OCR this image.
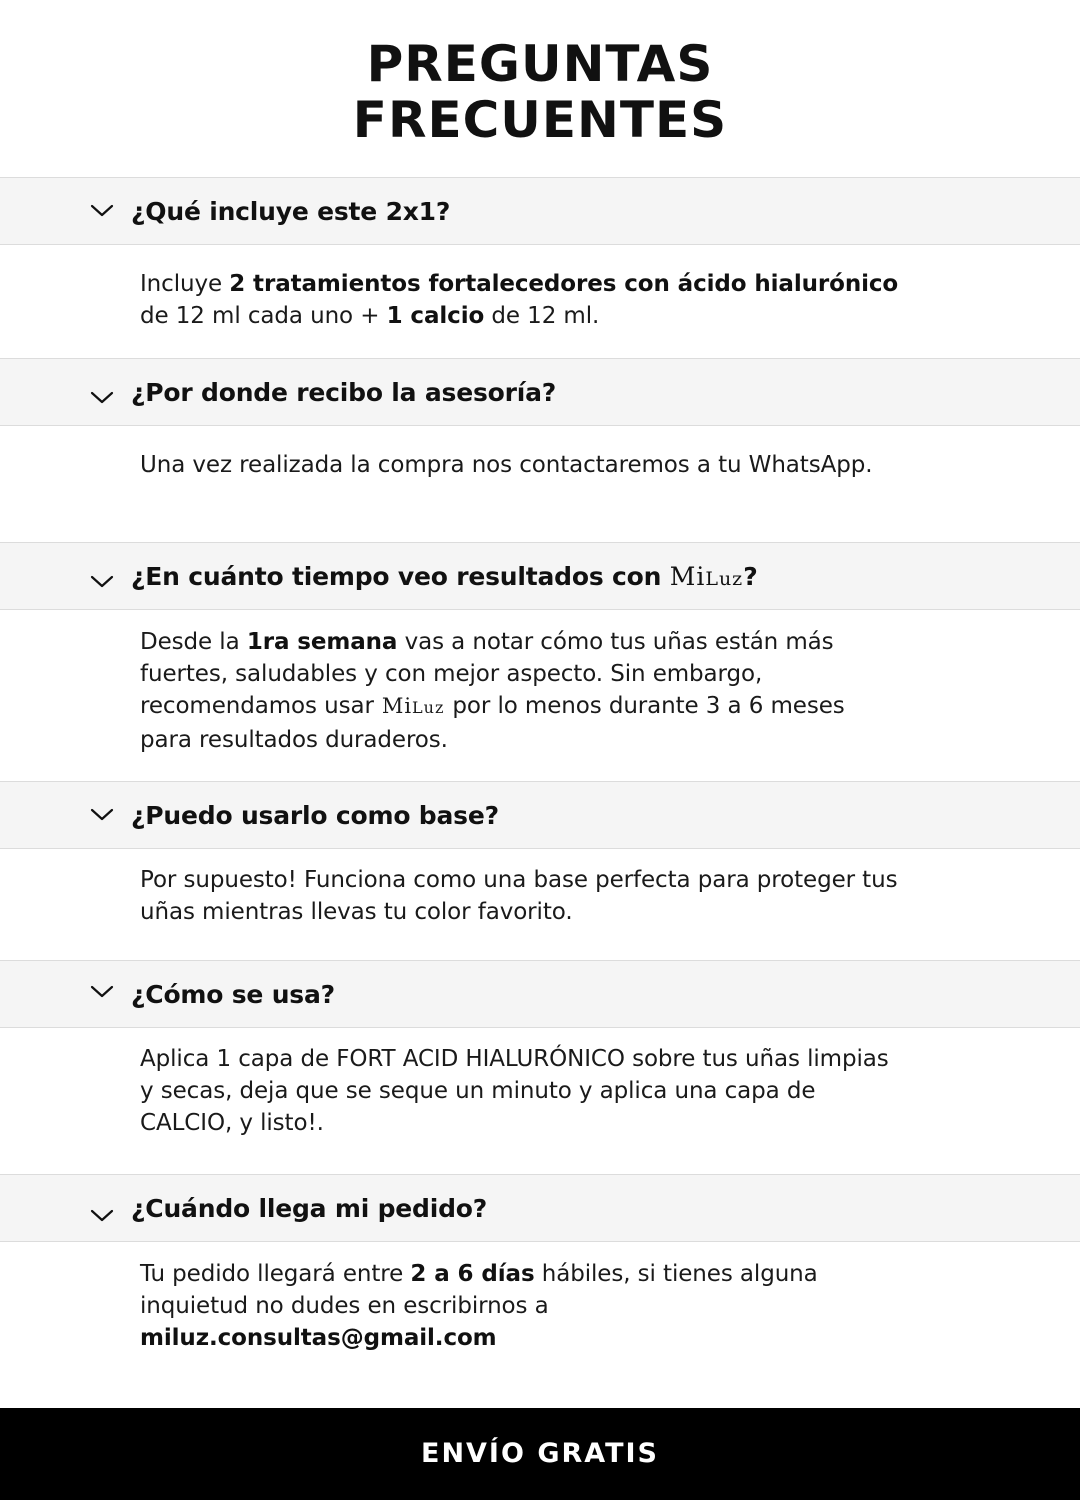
PREGUNTAS
FRECUENTES
¿Qué incluye este 2x1?
Incluye 2 tratamientos fortalecedores con ácido hialurónico de 12 ml cada uno + 1 calcio de 12 ml.
¿Por donde recibo la asesoría?
Una vez realizada la compra nos contactaremos a tu WhatsApp.
¿En cuánto tiempo veo resultados con MiLuz?
Desde la 1ra semana vas a notar cómo tus uñas están más fuertes, saludables y con mejor aspecto. Sin embargo, recomendamos usar MiLuz por lo menos durante 3 a 6 meses para resultados duraderos.
¿Puedo usarlo como base?
Por supuesto! Funciona como una base perfecta para proteger tus uñas mientras llevas tu color favorito.
¿Cómo se usa?
Aplica 1 capa de FORT ACID HIALURÓNICO sobre tus uñas limpias y secas, deja que se seque un minuto y aplica una capa de CALCIO, y listo!.
¿Cuándo llega mi pedido?
Tu pedido llegará entre 2 a 6 días hábiles, si tienes alguna inquietud no dudes en escribirnos a
miluz.consultas@gmail.com
ENVÍO GRATIS
